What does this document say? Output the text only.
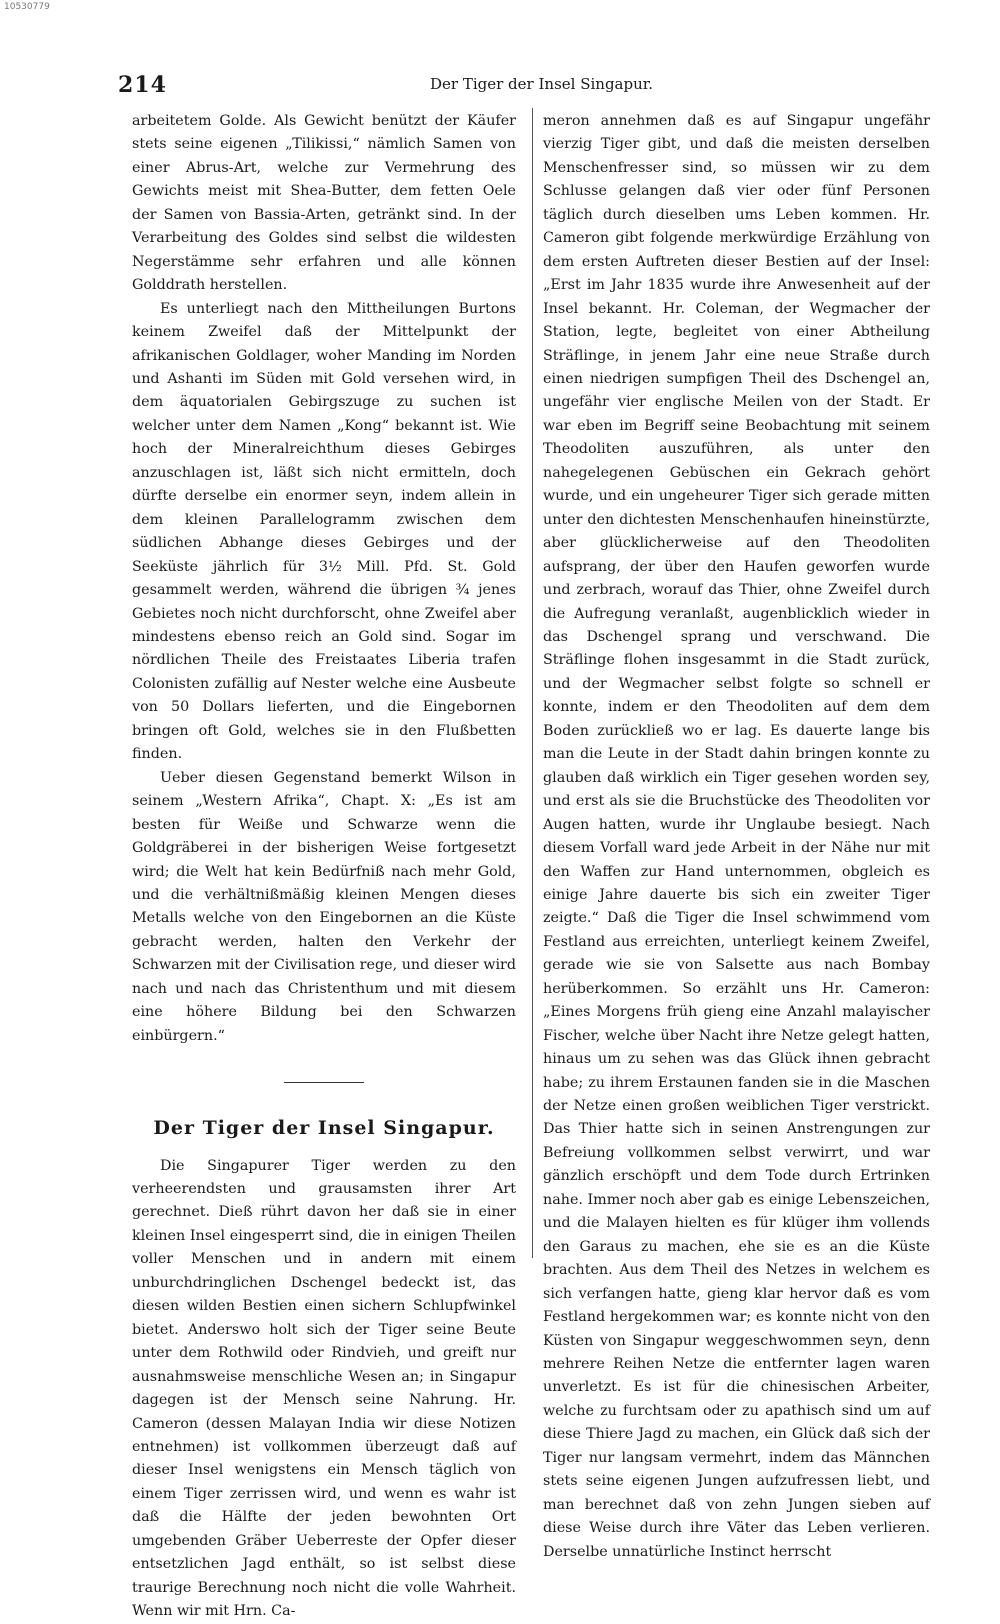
10530779
214	Der Tiger der Insel Singapur.

arbeitetem Golde. Als Gewicht benützt der Käufer stets seine eigenen „Tilikissi,“ nämlich Samen von einer Abrus-Art, welche zur Vermehrung des Gewichts meist mit Shea-Butter, dem fetten Oele der Samen von Bassia-Arten, getränkt sind. In der Verarbeitung des Goldes sind selbst die wildesten Negerstämme sehr erfahren und alle können Golddrath herstellen.

Es unterliegt nach den Mittheilungen Burtons keinem Zweifel daß der Mittelpunkt der afrikanischen Goldlager, woher Manding im Norden und Ashanti im Süden mit Gold versehen wird, in dem äquatorialen Gebirgszuge zu suchen ist welcher unter dem Namen „Kong“ bekannt ist. Wie hoch der Mineralreichthum dieses Gebirges anzuschlagen ist, läßt sich nicht ermitteln, doch dürfte derselbe ein enormer seyn, indem allein in dem kleinen Parallelogramm zwischen dem südlichen Abhange dieses Gebirges und der Seeküste jährlich für 3½ Mill. Pfd. St. Gold gesammelt werden, während die übrigen ¾ jenes Gebietes noch nicht durchforscht, ohne Zweifel aber mindestens ebenso reich an Gold sind. Sogar im nördlichen Theile des Freistaates Liberia trafen Colonisten zufällig auf Nester welche eine Ausbeute von 50 Dollars lieferten, und die Eingebornen bringen oft Gold, welches sie in den Flußbetten finden.

Ueber diesen Gegenstand bemerkt Wilson in seinem „Western Afrika“, Chapt. X: „Es ist am besten für Weiße und Schwarze wenn die Goldgräberei in der bisherigen Weise fortgesetzt wird; die Welt hat kein Bedürfniß nach mehr Gold, und die verhältnißmäßig kleinen Mengen dieses Metalls welche von den Eingebornen an die Küste gebracht werden, halten den Verkehr der Schwarzen mit der Civilisation rege, und dieser wird nach und nach das Christenthum und mit diesem eine höhere Bildung bei den Schwarzen einbürgern.“

Der Tiger der Insel Singapur.

Die Singapurer Tiger werden zu den verheerendsten und grausamsten ihrer Art gerechnet. Dieß rührt davon her daß sie in einer kleinen Insel eingesperrt sind, die in einigen Theilen voller Menschen und in andern mit einem unburchdringlichen Dschengel bedeckt ist, das diesen wilden Bestien einen sichern Schlupfwinkel bietet. Anderswo holt sich der Tiger seine Beute unter dem Rothwild oder Rindvieh, und greift nur ausnahmsweise menschliche Wesen an; in Singapur dagegen ist der Mensch seine Nahrung. Hr. Cameron (dessen Malayan India wir diese Notizen entnehmen) ist vollkommen überzeugt daß auf dieser Insel wenigstens ein Mensch täglich von einem Tiger zerrissen wird, und wenn es wahr ist daß die Hälfte der jeden bewohnten Ort umgebenden Gräber Ueberreste der Opfer dieser entsetzlichen Jagd enthält, so ist selbst diese traurige Berechnung noch nicht die volle Wahrheit. Wenn wir mit Hrn. Ca-

meron annehmen daß es auf Singapur ungefähr vierzig Tiger gibt, und daß die meisten derselben Menschenfresser sind, so müssen wir zu dem Schlusse gelangen daß vier oder fünf Personen täglich durch dieselben ums Leben kommen. Hr. Cameron gibt folgende merkwürdige Erzählung von dem ersten Auftreten dieser Bestien auf der Insel: „Erst im Jahr 1835 wurde ihre Anwesenheit auf der Insel bekannt. Hr. Coleman, der Wegmacher der Station, legte, begleitet von einer Abtheilung Sträflinge, in jenem Jahr eine neue Straße durch einen niedrigen sumpfigen Theil des Dschengel an, ungefähr vier englische Meilen von der Stadt. Er war eben im Begriff seine Beobachtung mit seinem Theodoliten auszuführen, als unter den nahegelegenen Gebüschen ein Gekrach gehört wurde, und ein ungeheurer Tiger sich gerade mitten unter den dichtesten Menschenhaufen hineinstürzte, aber glücklicherweise auf den Theodoliten aufsprang, der über den Haufen geworfen wurde und zerbrach, worauf das Thier, ohne Zweifel durch die Aufregung veranlaßt, augenblicklich wieder in das Dschengel sprang und verschwand. Die Sträflinge flohen insgesammt in die Stadt zurück, und der Wegmacher selbst folgte so schnell er konnte, indem er den Theodoliten auf dem dem Boden zurückließ wo er lag. Es dauerte lange bis man die Leute in der Stadt dahin bringen konnte zu glauben daß wirklich ein Tiger gesehen worden sey, und erst als sie die Bruchstücke des Theodoliten vor Augen hatten, wurde ihr Unglaube besiegt. Nach diesem Vorfall ward jede Arbeit in der Nähe nur mit den Waffen zur Hand unternommen, obgleich es einige Jahre dauerte bis sich ein zweiter Tiger zeigte.“ Daß die Tiger die Insel schwimmend vom Festland aus erreichten, unterliegt keinem Zweifel, gerade wie sie von Salsette aus nach Bombay herüberkommen. So erzählt uns Hr. Cameron: „Eines Morgens früh gieng eine Anzahl malayischer Fischer, welche über Nacht ihre Netze gelegt hatten, hinaus um zu sehen was das Glück ihnen gebracht habe; zu ihrem Erstaunen fanden sie in die Maschen der Netze einen großen weiblichen Tiger verstrickt. Das Thier hatte sich in seinen Anstrengungen zur Befreiung vollkommen selbst verwirrt, und war gänzlich erschöpft und dem Tode durch Ertrinken nahe. Immer noch aber gab es einige Lebenszeichen, und die Malayen hielten es für klüger ihm vollends den Garaus zu machen, ehe sie es an die Küste brachten. Aus dem Theil des Netzes in welchem es sich verfangen hatte, gieng klar hervor daß es vom Festland hergekommen war; es konnte nicht von den Küsten von Singapur weggeschwommen seyn, denn mehrere Reihen Netze die entfernter lagen waren unverletzt. Es ist für die chinesischen Arbeiter, welche zu furchtsam oder zu apathisch sind um auf diese Thiere Jagd zu machen, ein Glück daß sich der Tiger nur langsam vermehrt, indem das Männchen stets seine eigenen Jungen aufzufressen liebt, und man berechnet daß von zehn Jungen sieben auf diese Weise durch ihre Väter das Leben verlieren. Derselbe unnatürliche Instinct herrscht
